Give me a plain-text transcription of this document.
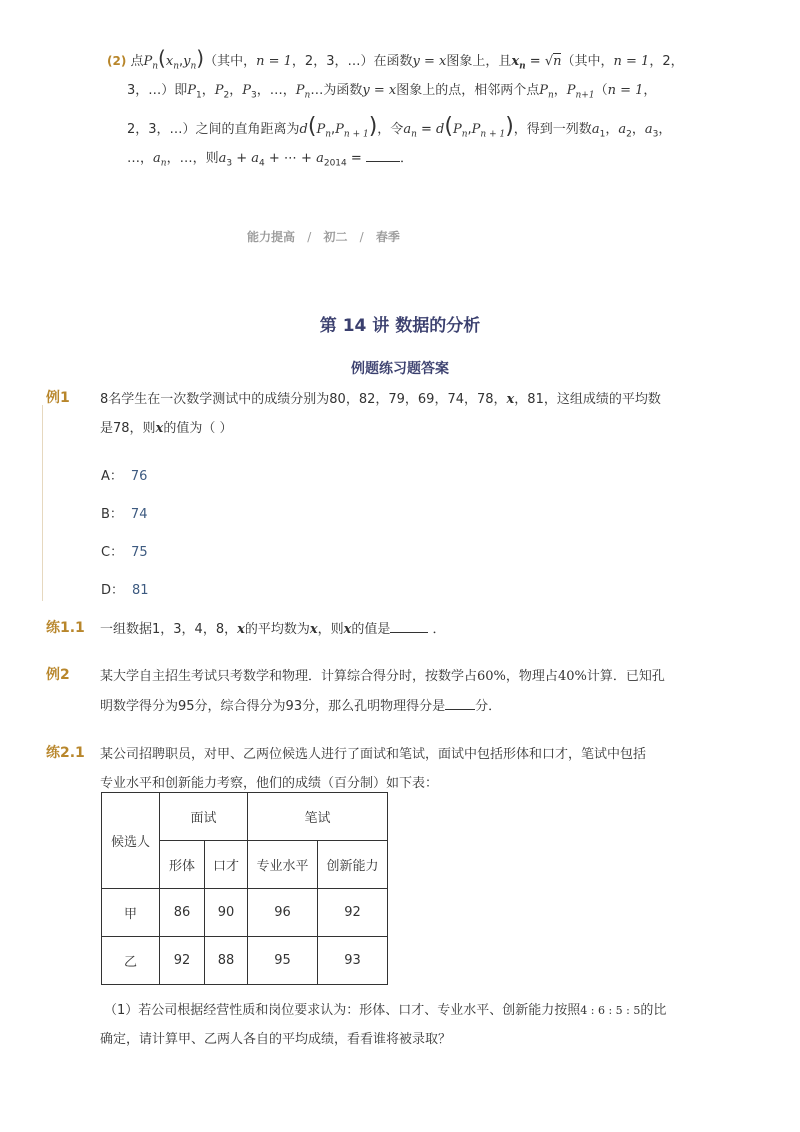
(2) 点$P_n(x_n,y_n)$（其中，n = 1，2，3，…）在函数y = x图象上，且$x_n = √n$（其中，n = 1，2，
3，…）即$P_1$，$P_2$，$P_3$，…，$P_n\dots$为函数y = x图象上的点，相邻两个点$P_n$，$P_{n+1}(n = 1$，
2，3，…）之间的直角距离为$d(P_n,P_{n + 1})$，令$a_n = d(P_n,P_{n + 1})$，得到一列数$a_1$，$a_2$，$a_3$，
…，$a_n$，…，则$a_3 + a_4$ + ⋯ + $a_{2014}$ =	．
能力提高 / 初二 / 春季
第 14 讲 数据的分析
例题练习题答案
例1 8名学生在一次数学测试中的成绩分别为80，82，79，69，74，78，x，81，这组成绩的平均数
是78，则x的值为（ ）
A： 76
B： 74
C： 75
D： 81
练1.1 一组数据1，3，4，8，x的平均数为x，则x的值是	．
例2 某大学自主招生考试只考数学和物理．计算综合得分时，按数学占60%，物理占40%计算．已知孔
明数学得分为95分，综合得分为93分，那么孔明物理得分是 分．
练2.1 某公司招聘职员，对甲、乙两位候选人进行了面试和笔试，面试中包括形体和口才，笔试中包括
专业水平和创新能力考察，他们的成绩（百分制）如下表：
候选人	面试		笔试	
	形体	口才	专业水平	创新能力
甲	86	90	96	92
乙	92	88	95	93
（1）若公司根据经营性质和岗位要求认为：形体、口才、专业水平、创新能力按照4 : 6 : 5 : 5的比
确定，请计算甲、乙两人各自的平均成绩，看看谁将被录取？
